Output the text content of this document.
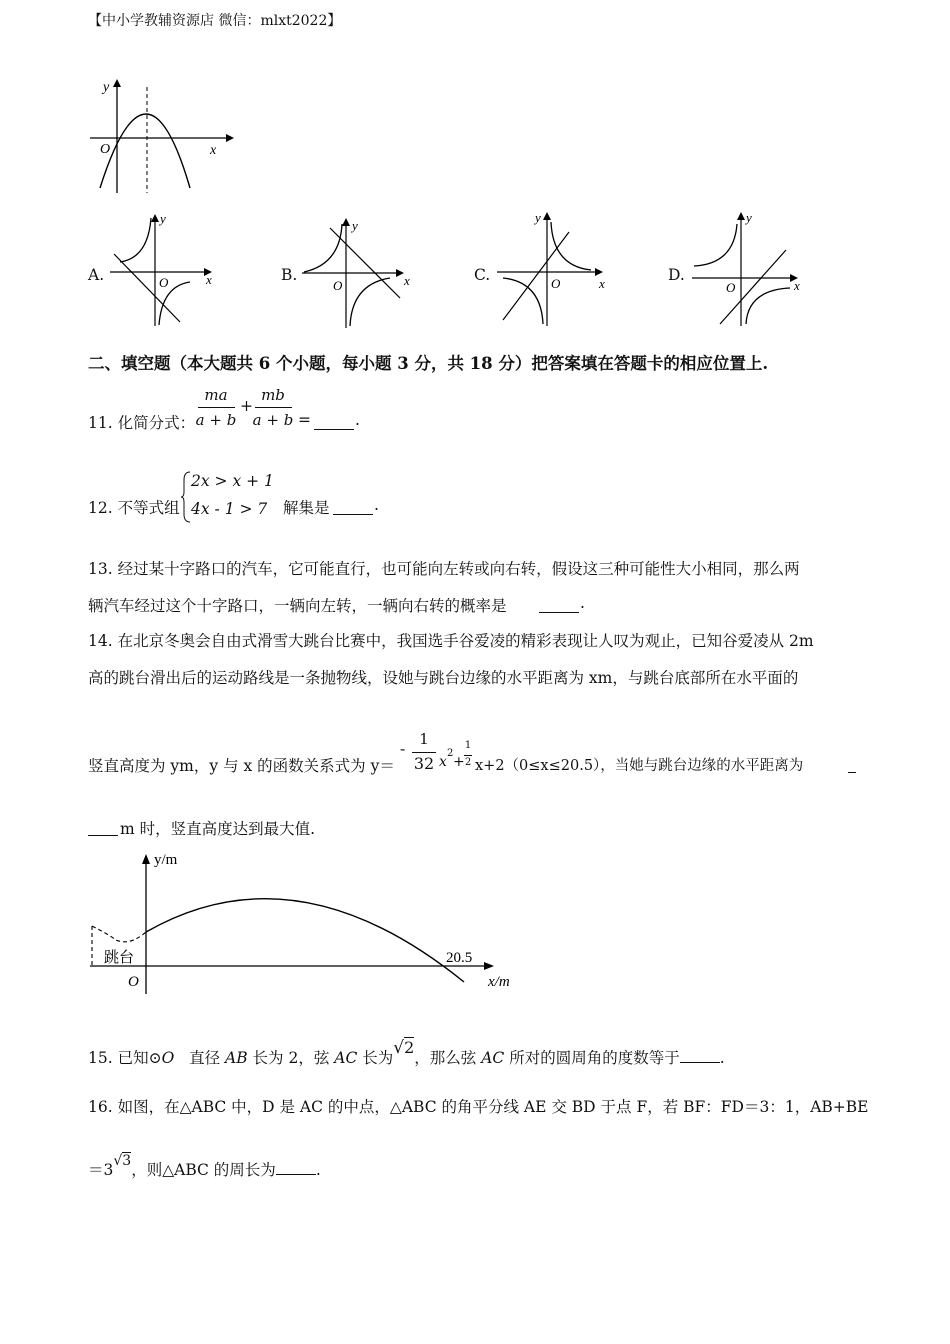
【中小学教辅资源店 微信：mlxt2022】
y
x
O
A.
y
x
O	B.
y
x
O
C.
y
x
O	D.
y
x
O
二、填空题（本大题共 6 个小题，每小题 3 分，共 18 分）把答案填在答题卡的相应位置上.
11. 化简分式：
ma
a + b
+
mb
a + b =	.
12. 不等式组
2x > x + 1
4x - 1 > 7 解集是	.
13. 经过某十字路口的汽车，它可能直行，也可能向左转或向右转，假设这三种可能性大小相同，那么两
辆汽车经过这个十字路口，一辆向左转，一辆向右转的概率是	.
14. 在北京冬奥会自由式滑雪大跳台比赛中，我国选手谷爱凌的精彩表现让人叹为观止，已知谷爱凌从 2m
高的跳台滑出后的运动路线是一条抛物线，设她与跳台边缘的水平距离为 xm，与跳台底部所在水平面的
竖直高度为 ym，y 与 x 的函数关系式为 y＝
-
1
32 x
2
+
1
2 x+2（0≤x≤20.5），当她与跳台边缘的水平距离为
m 时，竖直高度达到最大值.
y/m
x/m
O
跳台	20.5
15. 已知⊙O 直径 AB 长为 2，弦 AC 长为√2，那么弦 AC 所对的圆周角的度数等于	.
16. 如图，在△ABC 中，D 是 AC 的中点，△ABC 的角平分线 AE 交 BD 于点 F，若 BF：FD＝3：1，AB+BE
＝3√3，则△ABC 的周长为	.
